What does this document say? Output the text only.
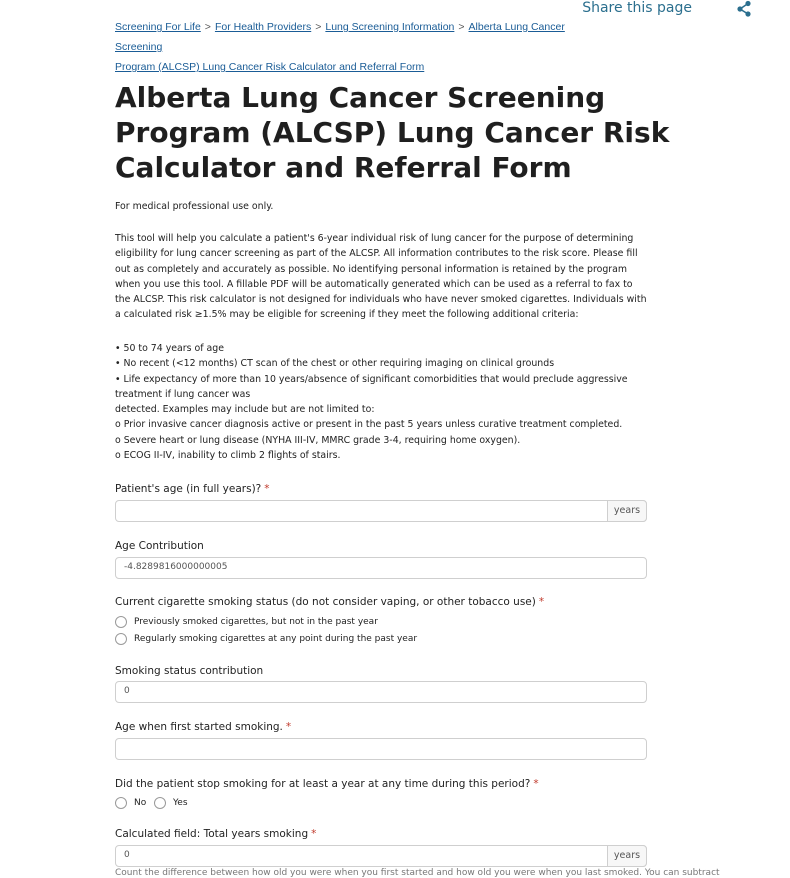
Share this page
Screening For Life > For Health Providers > Lung Screening Information > Alberta Lung Cancer Screening
Program (ALCSP) Lung Cancer Risk Calculator and Referral Form
Alberta Lung Cancer Screening Program (ALCSP) Lung Cancer Risk Calculator and Referral Form

For medical professional use only.

This tool will help you calculate a patient's 6-year individual risk of lung cancer for the purpose of determining eligibility for lung cancer screening as part of the ALCSP. All information contributes to the risk score. Please fill out as completely and accurately as possible. No identifying personal information is retained by the program when you use this tool. A fillable PDF will be automatically generated which can be used as a referral to fax to the ALCSP. This risk calculator is not designed for individuals who have never smoked cigarettes. Individuals with a calculated risk ≥1.5% may be eligible for screening if they meet the following additional criteria:

• 50 to 74 years of age
• No recent (<12 months) CT scan of the chest or other requiring imaging on clinical grounds
• Life expectancy of more than 10 years/absence of significant comorbidities that would preclude aggressive treatment if lung cancer was
detected. Examples may include but are not limited to:
o Prior invasive cancer diagnosis active or present in the past 5 years unless curative treatment completed.
o Severe heart or lung disease (NYHA III-IV, MMRC grade 3-4, requiring home oxygen).
o ECOG II-IV, inability to climb 2 flights of stairs.
Patient's age (in full years)? *
years
Age Contribution
-4.8289816000000005
Current cigarette smoking status (do not consider vaping, or other tobacco use) *
Previously smoked cigarettes, but not in the past year
Regularly smoking cigarettes at any point during the past year
Smoking status contribution
0
Age when first started smoking. *
Did the patient stop smoking for at least a year at any time during this period? *
No	Yes
Calculated field: Total years smoking *
0	years
Count the difference between how old you were when you first started and how old you were when you last smoked. You can subtract
